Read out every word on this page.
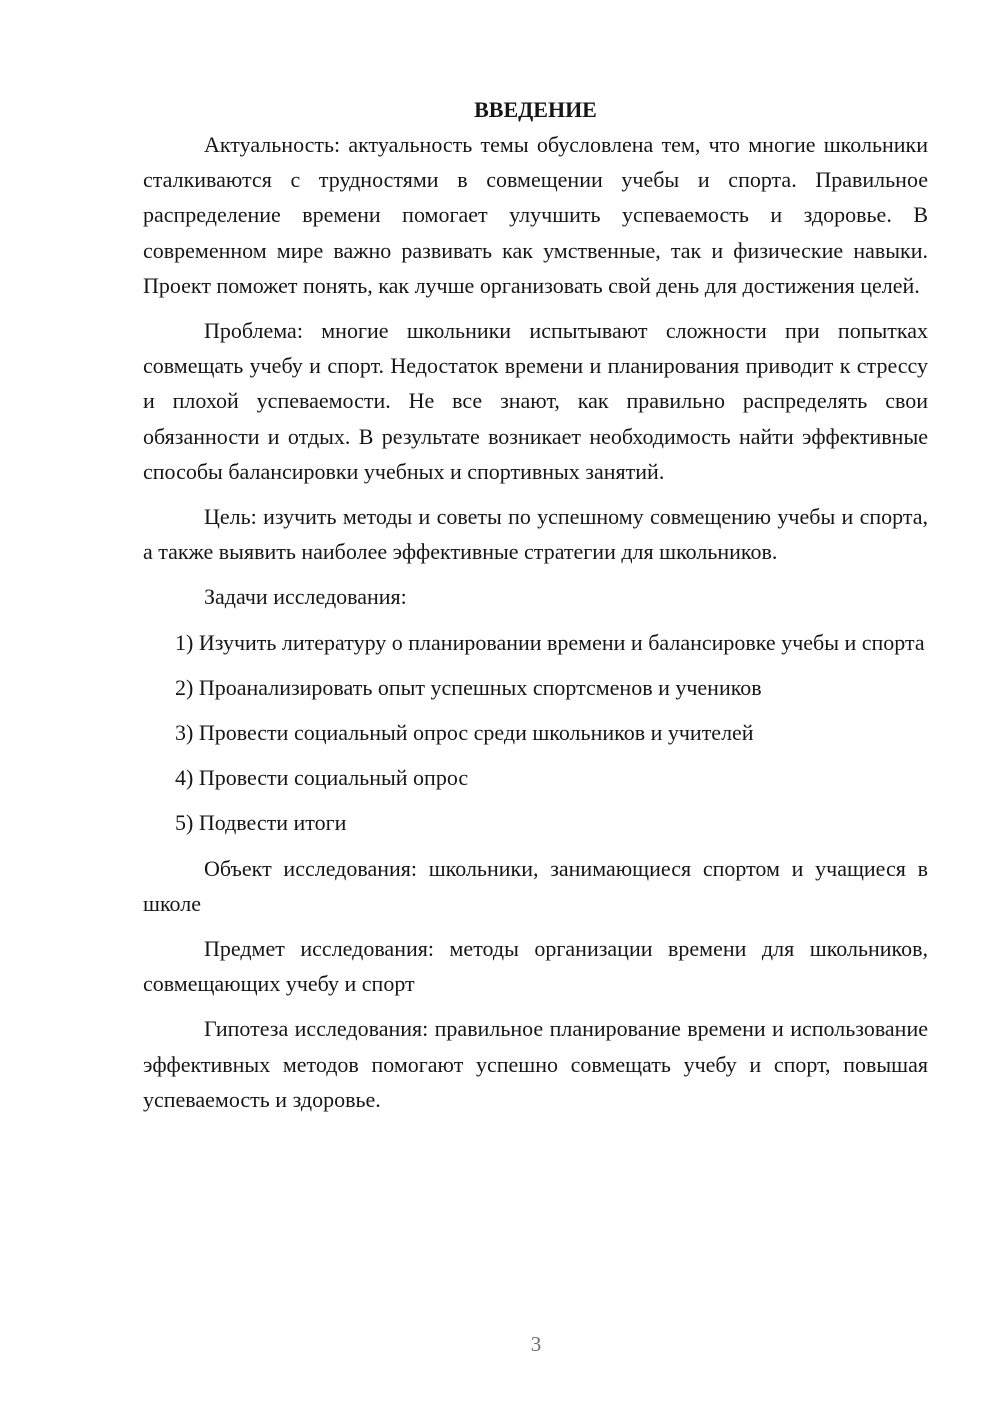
ВВЕДЕНИЕ

Актуальность: актуальность темы обусловлена тем, что многие школьники сталкиваются с трудностями в совмещении учебы и спорта. Правильное распределение времени помогает улучшить успеваемость и здоровье. В современном мире важно развивать как умственные, так и физические навыки. Проект поможет понять, как лучше организовать свой день для достижения целей.

Проблема: многие школьники испытывают сложности при попытках совмещать учебу и спорт. Недостаток времени и планирования приводит к стрессу и плохой успеваемости. Не все знают, как правильно распределять свои обязанности и отдых. В результате возникает необходимость найти эффективные способы балансировки учебных и спортивных занятий.

Цель: изучить методы и советы по успешному совмещению учебы и спорта, а также выявить наиболее эффективные стратегии для школьников.

Задачи исследования:

1) Изучить литературу о планировании времени и балансировке учебы и спорта

2) Проанализировать опыт успешных спортсменов и учеников

3) Провести социальный опрос среди школьников и учителей

4) Провести социальный опрос

5) Подвести итоги

Объект исследования: школьники, занимающиеся спортом и учащиеся в школе

Предмет исследования: методы организации времени для школьников, совмещающих учебу и спорт

Гипотеза исследования: правильное планирование времени и использование эффективных методов помогают успешно совмещать учебу и спорт, повышая успеваемость и здоровье.

3
